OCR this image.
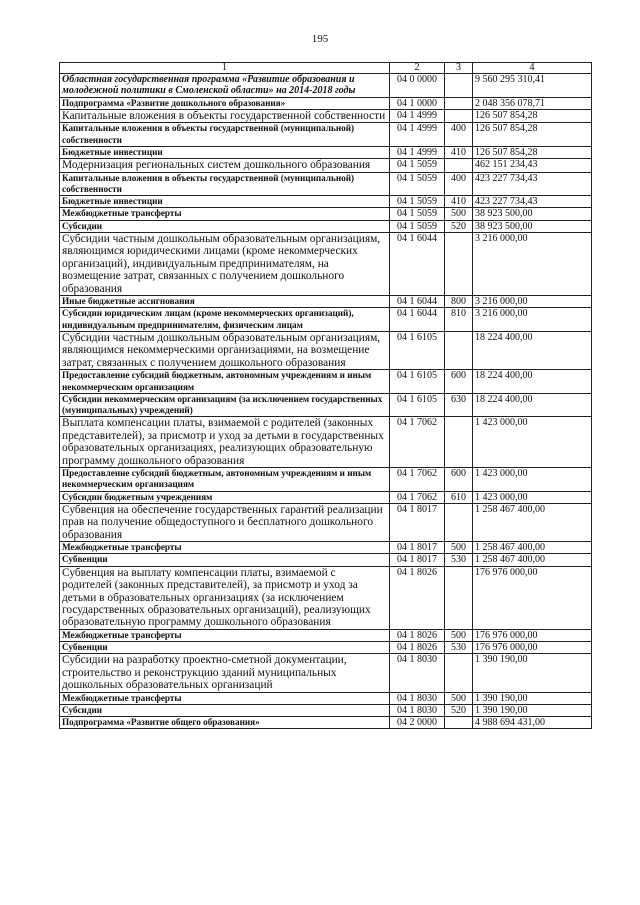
195
1	2	3	4
Областная государственная программа «Развитие образования и молодежной политики в Смоленской области» на 2014-2018 годы	04 0 0000		9 560 295 310,41
Подпрограмма «Развитие дошкольного образования»	04 1 0000		2 048 356 078,71
Капитальные вложения в объекты государственной собственности	04 1 4999		126 507 854,28
Капитальные вложения в объекты государственной (муниципальной) собственности	04 1 4999	400	126 507 854,28
Бюджетные инвестиции	04 1 4999	410	126 507 854,28
Модернизация региональных систем дошкольного образования	04 1 5059		462 151 234,43
Капитальные вложения в объекты государственной (муниципальной) собственности	04 1 5059	400	423 227 734,43
Бюджетные инвестиции	04 1 5059	410	423 227 734,43
Межбюджетные трансферты	04 1 5059	500	38 923 500,00
Субсидии	04 1 5059	520	38 923 500,00
Субсидии частным дошкольным образовательным организациям, являющимся юридическими лицами (кроме некоммерческих организаций), индивидуальным предпринимателям, на возмещение затрат, связанных с получением дошкольного образования	04 1 6044		3 216 000,00
Иные бюджетные ассигнования	04 1 6044	800	3 216 000,00
Субсидии юридическим лицам (кроме некоммерческих организаций), индивидуальным предпринимателям, физическим лицам	04 1 6044	810	3 216 000,00
Субсидии частным дошкольным образовательным организациям, являющимся некоммерческими организациями, на возмещение затрат, связанных с получением дошкольного образования	04 1 6105		18 224 400,00
Предоставление субсидий бюджетным, автономным учреждениям и иным некоммерческим организациям	04 1 6105	600	18 224 400,00
Субсидии некоммерческим организациям (за исключением государственных (муниципальных) учреждений)	04 1 6105	630	18 224 400,00
Выплата компенсации платы, взимаемой с родителей (законных представителей), за присмотр и уход за детьми в государственных образовательных организациях, реализующих образовательную программу дошкольного образования	04 1 7062		1 423 000,00
Предоставление субсидий бюджетным, автономным учреждениям и иным некоммерческим организациям	04 1 7062	600	1 423 000,00
Субсидии бюджетным учреждениям	04 1 7062	610	1 423 000,00
Субвенция на обеспечение государственных гарантий реализации прав на получение общедоступного и бесплатного дошкольного образования	04 1 8017		1 258 467 400,00
Межбюджетные трансферты	04 1 8017	500	1 258 467 400,00
Субвенции	04 1 8017	530	1 258 467 400,00
Субвенция на выплату компенсации платы, взимаемой с родителей (законных представителей), за присмотр и уход за детьми в образовательных организациях (за исключением государственных образовательных организаций), реализующих образовательную программу дошкольного образования	04 1 8026		176 976 000,00
Межбюджетные трансферты	04 1 8026	500	176 976 000,00
Субвенции	04 1 8026	530	176 976 000,00
Субсидии на разработку проектно-сметной документации, строительство и реконструкцию зданий муниципальных дошкольных образовательных организаций	04 1 8030		1 390 190,00
Межбюджетные трансферты	04 1 8030	500	1 390 190,00
Субсидии	04 1 8030	520	1 390 190,00
Подпрограмма «Развитие общего образования»	04 2 0000		4 988 694 431,00
